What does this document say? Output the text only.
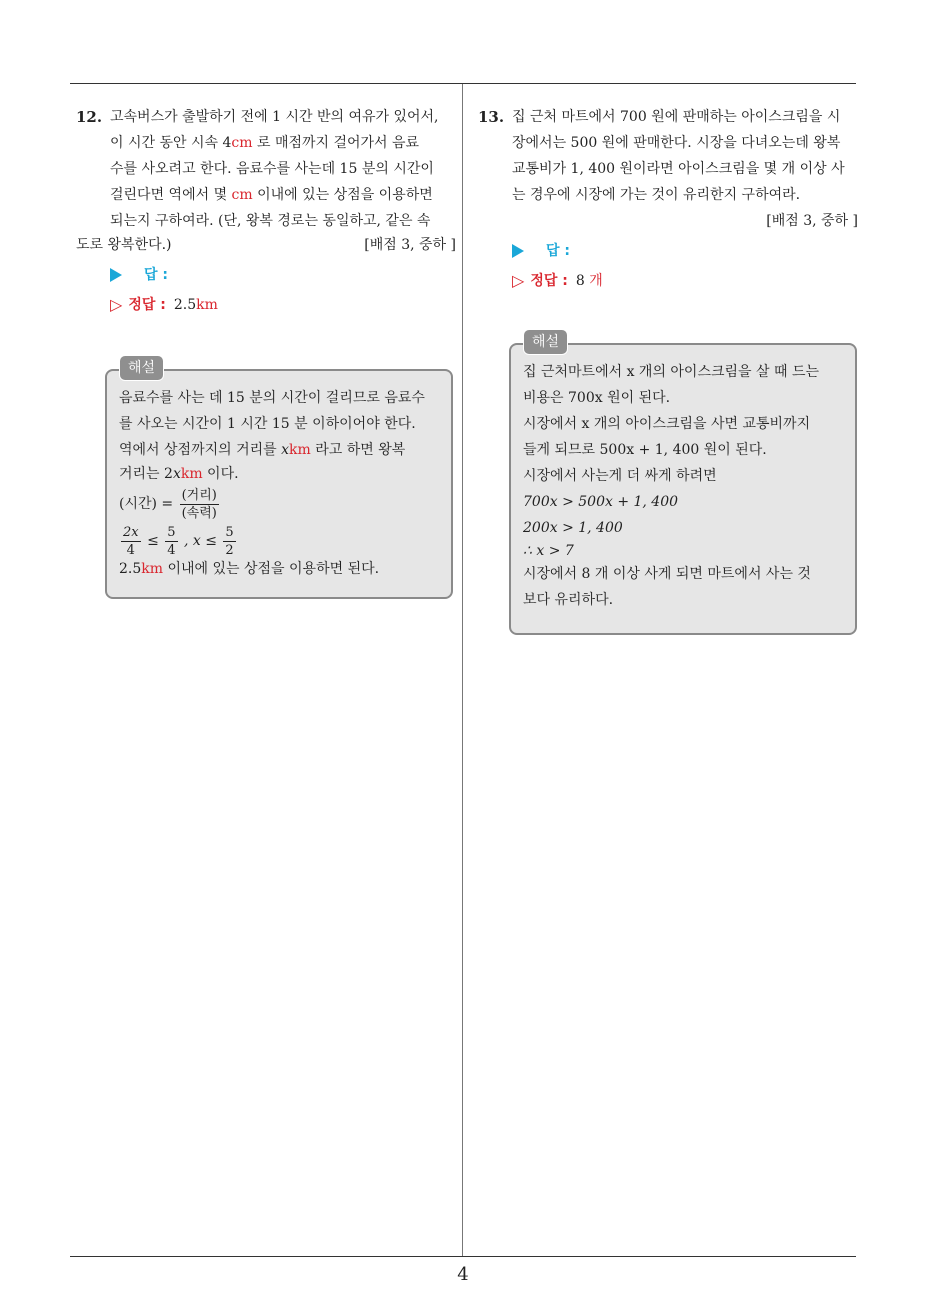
12. 고속버스가 출발하기 전에 1 시간 반의 여유가 있어서,
이 시간 동안 시속 4cm 로 매점까지 걸어가서 음료
수를 사오려고 한다. 음료수를 사는데 15 분의 시간이
걸린다면 역에서 몇 cm 이내에 있는 상점을 이용하면
되는지 구하여라. (단, 왕복 경로는 동일하고, 같은 속
도로 왕복한다.)	[배점 3, 중하 ]
답 :
▷ 정답 : 2.5km
해설
음료수를 사는 데 15 분의 시간이 걸리므로 음료수
를 사오는 시간이 1 시간 15 분 이하이어야 한다.
역에서 상점까지의 거리를 xkm 라고 하면 왕복
거리는 2xkm 이다.
(시간) = $\frac{\text{(거리)}}{\text{(속력)}}$
$\frac{2x}{4} \le \frac{5}{4}$ , $x \le \frac{5}{2}$
2.5km 이내에 있는 상점을 이용하면 된다.
13. 집 근처 마트에서 700 원에 판매하는 아이스크림을 시
장에서는 500 원에 판매한다. 시장을 다녀오는데 왕복
교통비가 1, 400 원이라면 아이스크림을 몇 개 이상 사
는 경우에 시장에 가는 것이 유리한지 구하여라.
[배점 3, 중하 ]
답 :
▷ 정답 : 8 개
해설
집 근처마트에서 x 개의 아이스크림을 살 때 드는
비용은 700x 원이 된다.
시장에서 x 개의 아이스크림을 사면 교통비까지
들게 되므로 500x + 1, 400 원이 된다.
시장에서 사는게 더 싸게 하려면
700x > 500x + 1, 400
200x > 1, 400
∴ x > 7
시장에서 8 개 이상 사게 되면 마트에서 사는 것
보다 유리하다.
4
